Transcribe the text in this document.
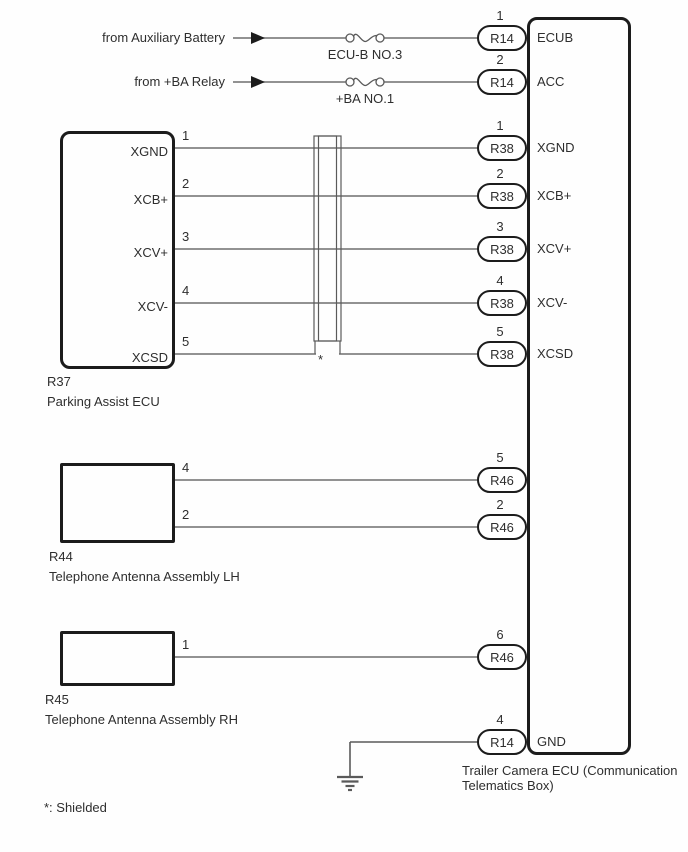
from Auxiliary Battery
from +BA Relay
ECU-B NO.3
+BA NO.1
1
2
1
2
3
4
5
5
2
6
4
R14
R14
R38
R38
R38
R38
R38
R46
R46
R46
R14
ECUB
ACC
XGND
XCB+
XCV+
XCV-
XCSD
GND
XGND
XCB+
XCV+
XCV-
XCSD
1
2
3
4
5
4
2
1
*
R37
Parking Assist ECU
R44
Telephone Antenna Assembly LH
R45
Telephone Antenna Assembly RH
Trailer Camera ECU (Communication
Telematics Box)
*: Shielded
